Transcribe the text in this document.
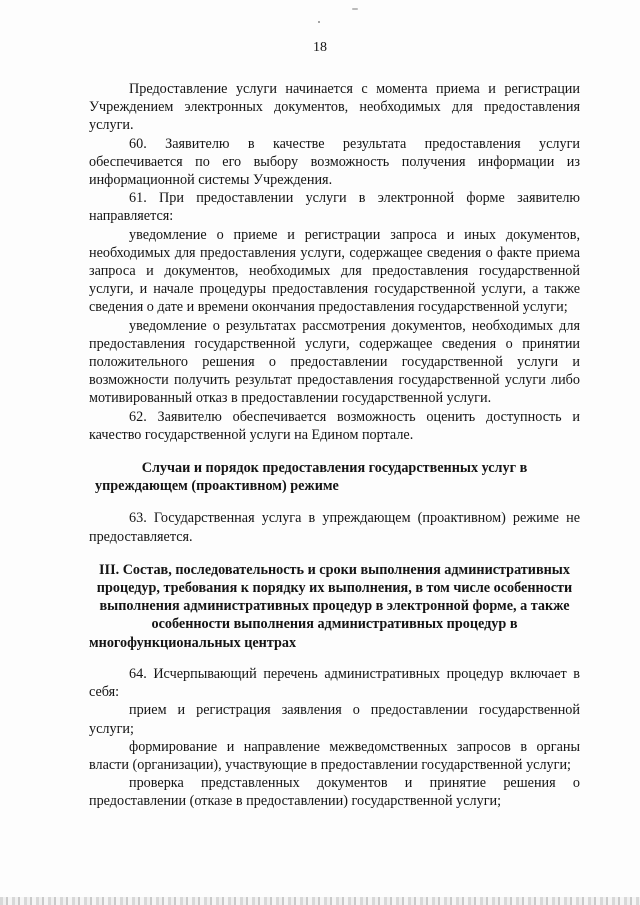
18

Предоставление услуги начинается с момента приема и регистрации Учреждением электронных документов, необходимых для предоставления услуги.

60. Заявителю в качестве результата предоставления услуги обеспечивается по его выбору возможность получения информации из информационной системы Учреждения.

61. При предоставлении услуги в электронной форме заявителю направляется:

уведомление о приеме и регистрации запроса и иных документов, необходимых для предоставления услуги, содержащее сведения о факте приема запроса и документов, необходимых для предоставления государственной услуги, и начале процедуры предоставления государственной услуги, а также сведения о дате и времени окончания предоставления государственной услуги;

уведомление о результатах рассмотрения документов, необходимых для предоставления государственной услуги, содержащее сведения о принятии положительного решения о предоставлении государственной услуги и возможности получить результат предоставления государственной услуги либо мотивированный отказ в предоставлении государственной услуги.

62. Заявителю обеспечивается возможность оценить доступность и качество государственной услуги на Едином портале.

Случаи и порядок предоставления государственных услуг в упреждающем (проактивном) режиме

63. Государственная услуга в упреждающем (проактивном) режиме не предоставляется.

III. Состав, последовательность и сроки выполнения административных процедур, требования к порядку их выполнения, в том числе особенности выполнения административных процедур в электронной форме, а также особенности выполнения административных процедур в многофункциональных центрах

64. Исчерпывающий перечень административных процедур включает в себя:

прием и регистрация заявления о предоставлении государственной услуги;

формирование и направление межведомственных запросов в органы власти (организации), участвующие в предоставлении государственной услуги;

проверка представленных документов и принятие решения о предоставлении (отказе в предоставлении) государственной услуги;
